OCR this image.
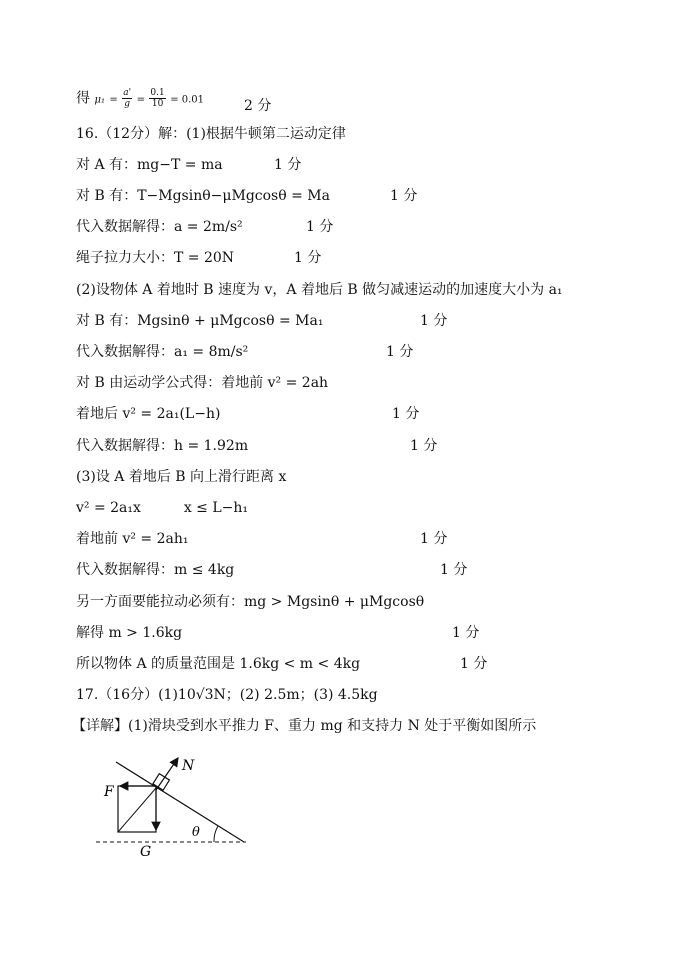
得 $\mu_1 = \frac{a'}{g} = \frac{0.1}{10} = 0.01$	2 分
16.（12分）解：(1)根据牛顿第二运动定律
对 A 有：mg−T = ma	1 分
对 B 有：T−Mgsinθ−μMgcosθ = Ma	1 分
代入数据解得：a = 2m/s²	1 分
绳子拉力大小：T = 20N	1 分
(2)设物体 A 着地时 B 速度为 v，A 着地后 B 做匀减速运动的加速度大小为 a₁
对 B 有：Mgsinθ + μMgcosθ = Ma₁	1 分
代入数据解得：a₁ = 8m/s²	1 分
对 B 由运动学公式得：着地前 v² = 2ah
着地后 v² = 2a₁(L−h)	1 分
代入数据解得：h = 1.92m	1 分
(3)设 A 着地后 B 向上滑行距离 x
v² = 2a₁x	x ≤ L−h₁
着地前 v² = 2ah₁	1 分
代入数据解得：m ≤ 4kg	1 分
另一方面要能拉动必须有：mg > Mgsinθ + μMgcosθ
解得 m > 1.6kg	1 分
所以物体 A 的质量范围是 1.6kg < m < 4kg	1 分
17.（16分）(1)10√3N；(2) 2.5m；(3) 4.5kg
【详解】(1)滑块受到水平推力 F、重力 mg 和支持力 N 处于平衡如图所示
N
F
G
θ
